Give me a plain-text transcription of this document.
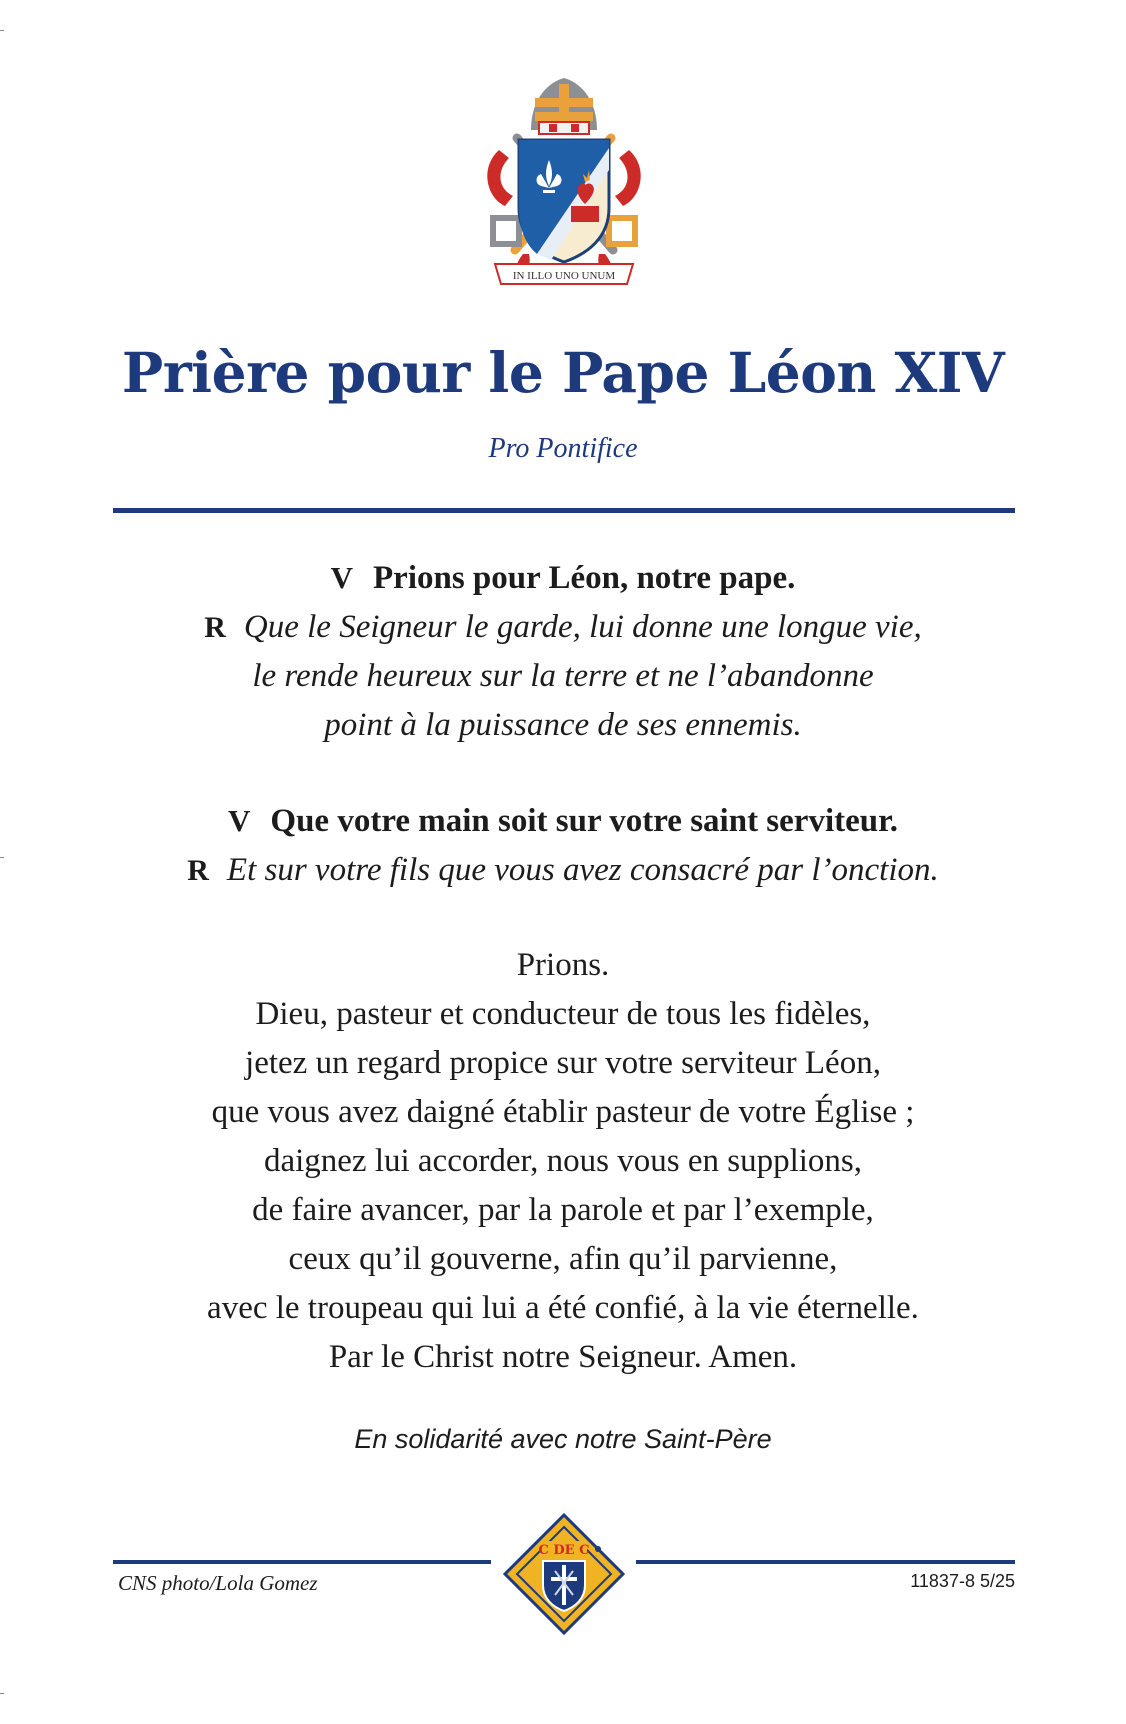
IN ILLO UNO UNUM
Prière pour le Pape Léon XIV
Pro Pontifice
V Prions pour Léon, notre pape.
R Que le Seigneur le garde, lui donne une longue vie,
le rende heureux sur la terre et ne l’abandonne
point à la puissance de ses ennemis.
V Que votre main soit sur votre saint serviteur.
R Et sur votre fils que vous avez consacré par l’onction.
Prions.
Dieu, pasteur et conducteur de tous les fidèles,
jetez un regard propice sur votre serviteur Léon,
que vous avez daigné établir pasteur de votre Église ;
daignez lui accorder, nous vous en supplions,
de faire avancer, par la parole et par l’exemple,
ceux qu’il gouverne, afin qu’il parvienne,
avec le troupeau qui lui a été confié, à la vie éternelle.
Par le Christ notre Seigneur. Amen.
En solidarité avec notre Saint-Père
C DE C
CNS photo/Lola Gomez	11837-8 5/25
